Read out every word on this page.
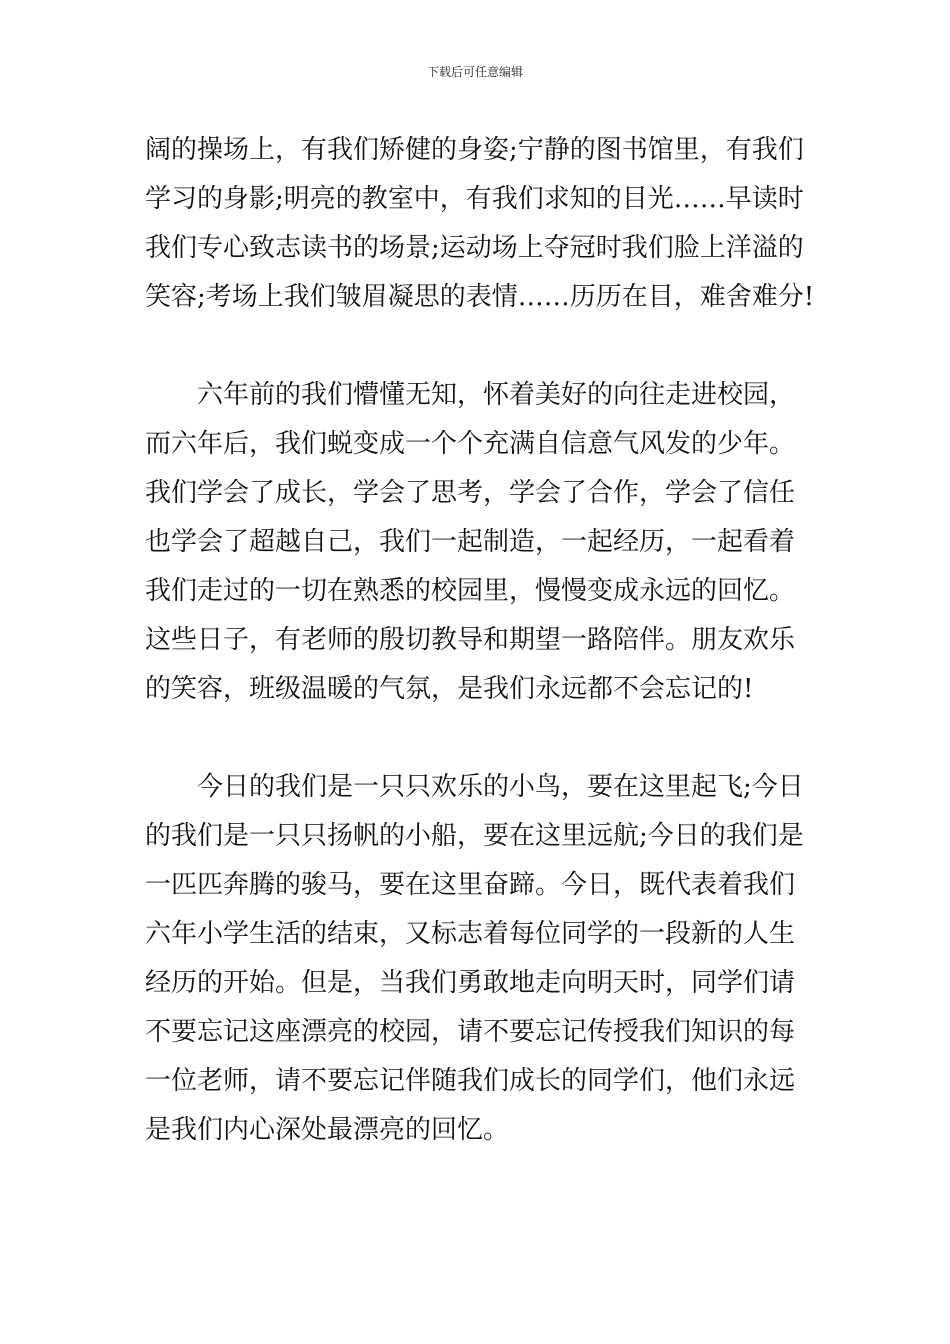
下载后可任意编辑
阔的操场上，有我们矫健的身姿;宁静的图书馆里，有我们
学习的身影;明亮的教室中，有我们求知的目光……早读时
我们专心致志读书的场景;运动场上夺冠时我们脸上洋溢的
笑容;考场上我们皱眉凝思的表情……历历在目，难舍难分!
六年前的我们懵懂无知，怀着美好的向往走进校园，
而六年后，我们蜕变成一个个充满自信意气风发的少年。
我们学会了成长，学会了思考，学会了合作，学会了信任
也学会了超越自己，我们一起制造，一起经历，一起看着
我们走过的一切在熟悉的校园里，慢慢变成永远的回忆。
这些日子，有老师的殷切教导和期望一路陪伴。朋友欢乐
的笑容，班级温暖的气氛，是我们永远都不会忘记的!
今日的我们是一只只欢乐的小鸟，要在这里起飞;今日
的我们是一只只扬帆的小船，要在这里远航;今日的我们是
一匹匹奔腾的骏马，要在这里奋蹄。今日，既代表着我们
六年小学生活的结束，又标志着每位同学的一段新的人生
经历的开始。但是，当我们勇敢地走向明天时，同学们请
不要忘记这座漂亮的校园，请不要忘记传授我们知识的每
一位老师，请不要忘记伴随我们成长的同学们，他们永远
是我们内心深处最漂亮的回忆。
